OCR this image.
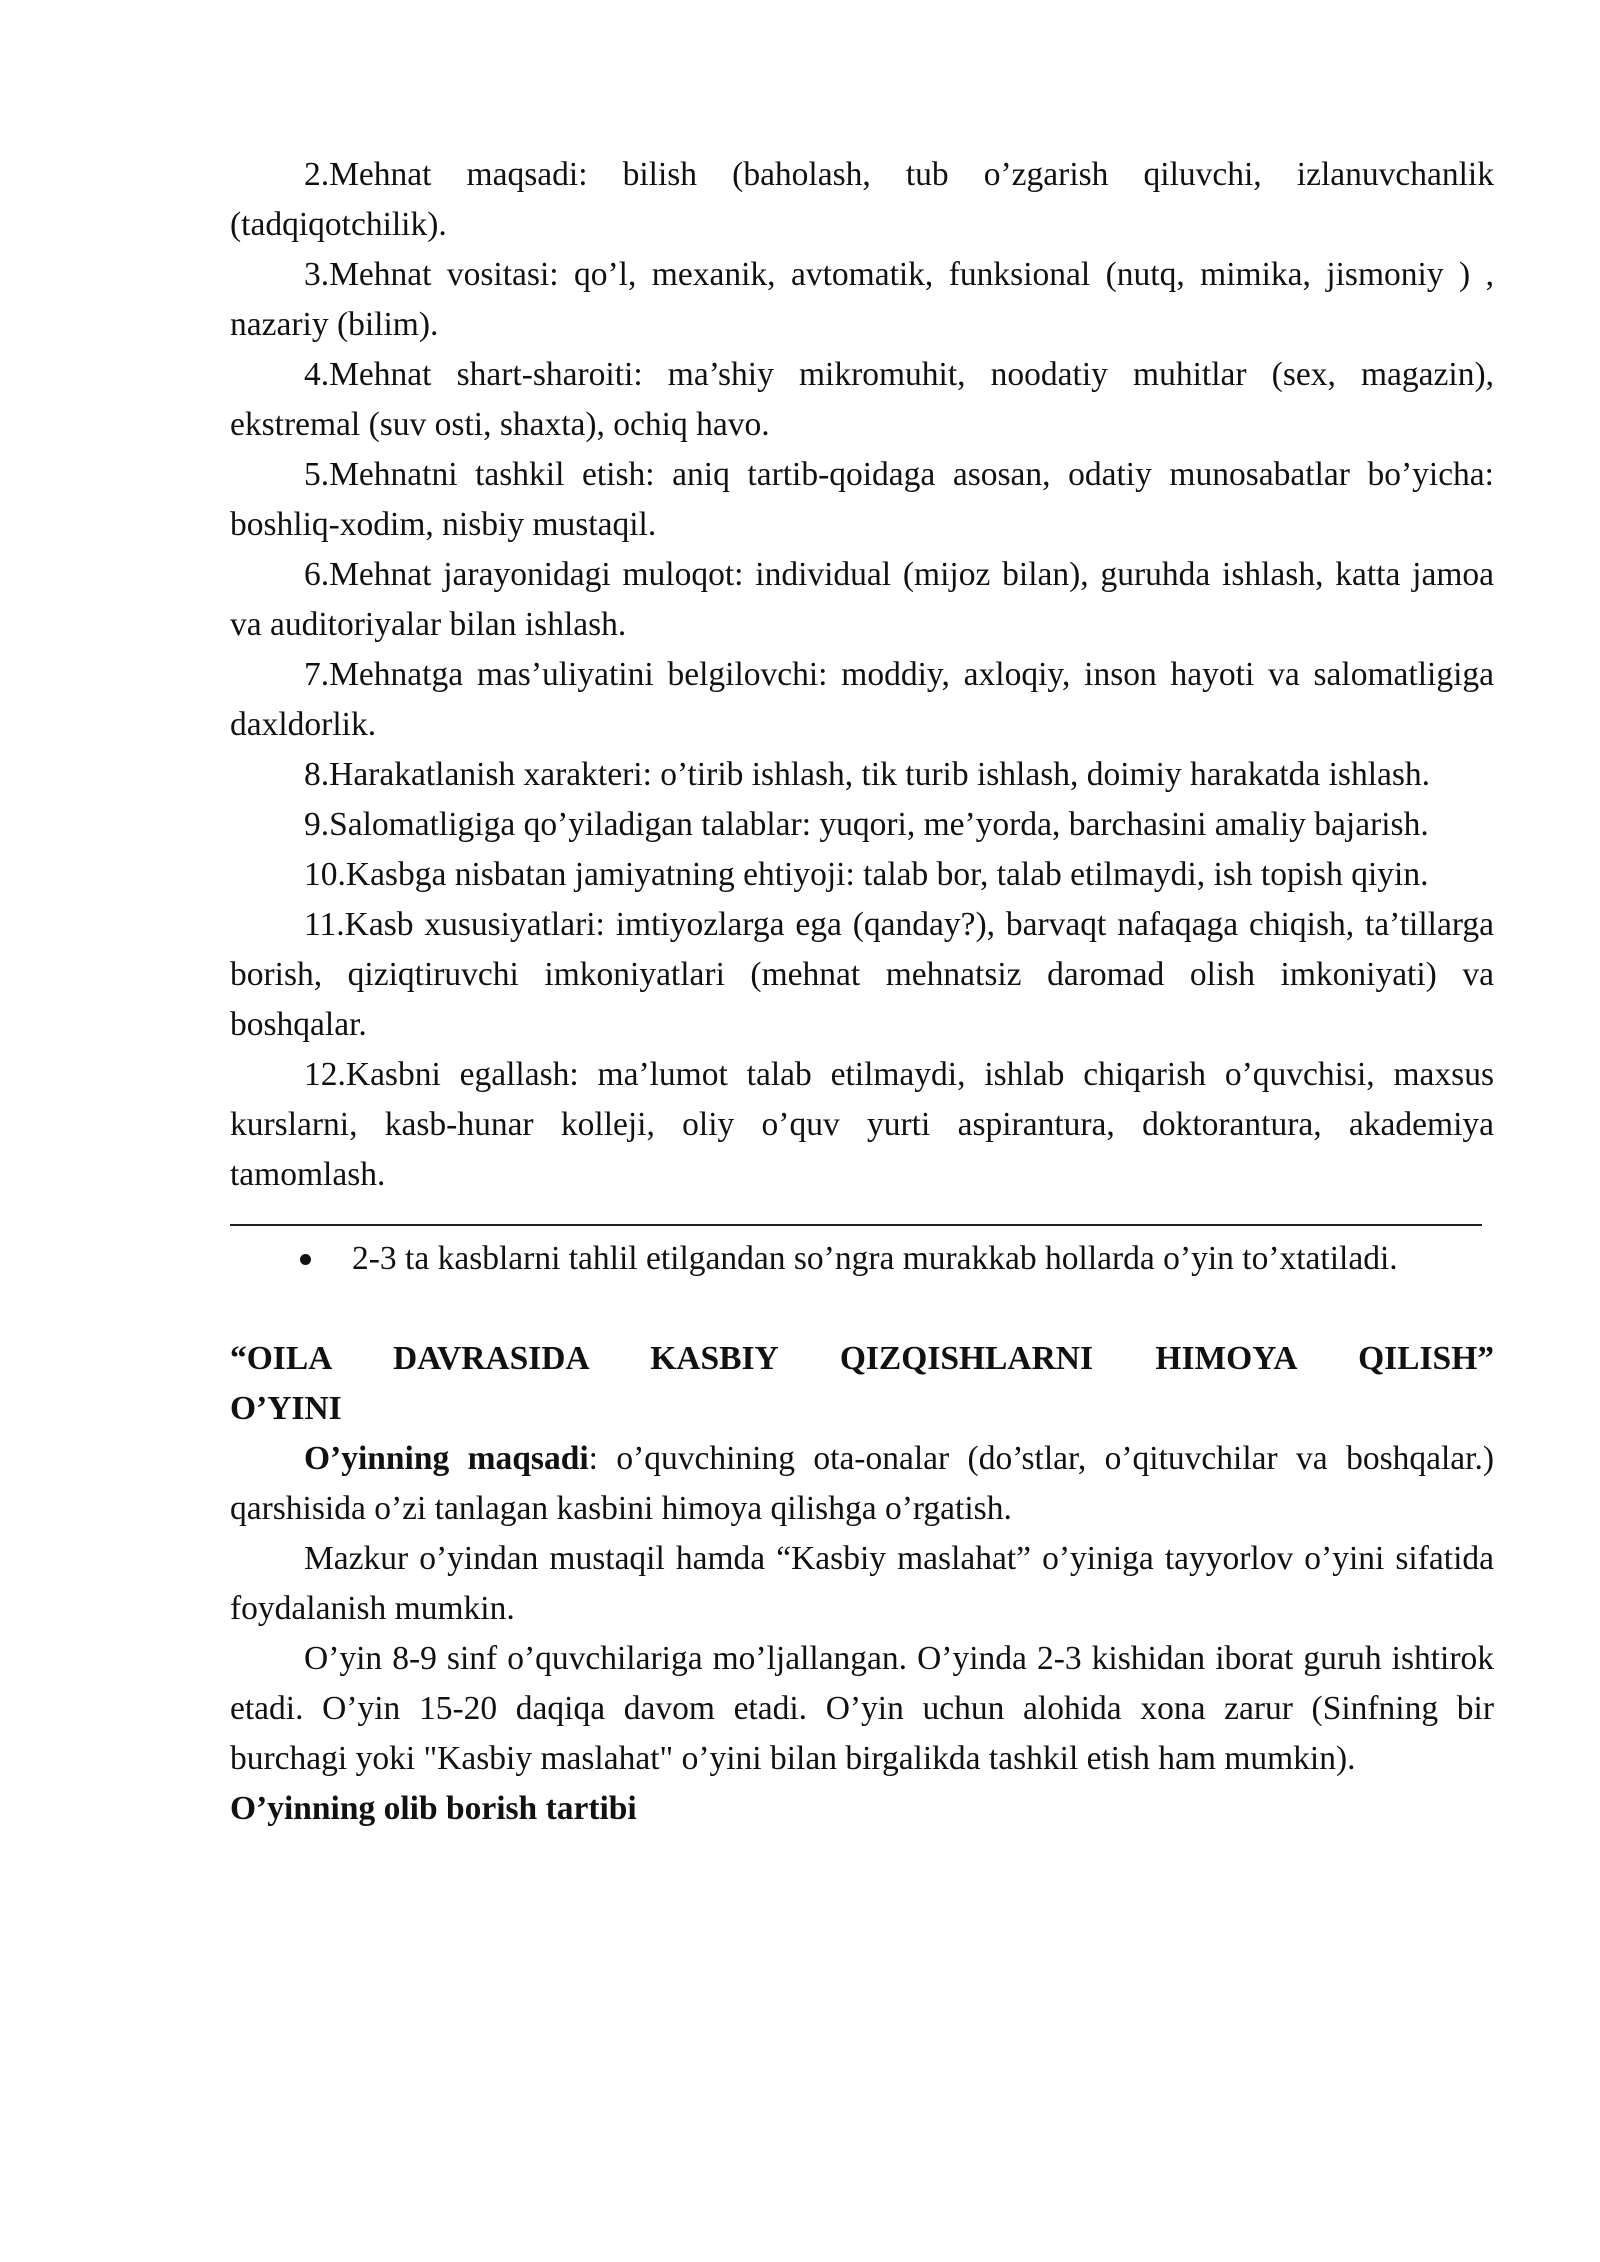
2.Mehnat maqsadi: bilish (baholash, tub o’zgarish qiluvchi, izlanuvchanlik (tadqiqotchilik).

3.Mehnat vositasi: qo’l, mexanik, avtomatik, funksional (nutq, mimika, jismoniy ) , nazariy (bilim).

4.Mehnat shart-sharoiti: ma’shiy mikromuhit, noodatiy muhitlar (sex, magazin), ekstremal (suv osti, shaxta), ochiq havo.

5.Mehnatni tashkil etish: aniq tartib-qoidaga asosan, odatiy munosabatlar bo’yicha: boshliq-xodim, nisbiy mustaqil.

6.Mehnat jarayonidagi muloqot: individual (mijoz bilan), guruhda ishlash, katta jamoa va auditoriyalar bilan ishlash.

7.Mehnatga mas’uliyatini belgilovchi: moddiy, axloqiy, inson hayoti va salomatligiga daxldorlik.

8.Harakatlanish xarakteri: o’tirib ishlash, tik turib ishlash, doimiy harakatda ishlash.

9.Salomatligiga qo’yiladigan talablar: yuqori, me’yorda, barchasini amaliy bajarish.

10.Kasbga nisbatan jamiyatning ehtiyoji: talab bor, talab etilmaydi, ish topish qiyin.

11.Kasb xususiyatlari: imtiyozlarga ega (qanday?), barvaqt nafaqaga chiqish, ta’tillarga borish, qiziqtiruvchi imkoniyatlari (mehnat mehnatsiz daromad olish imkoniyati) va boshqalar.

12.Kasbni egallash: ma’lumot talab etilmaydi, ishlab chiqarish o’quvchisi, maxsus kurslarni, kasb-hunar kolleji, oliy o’quv yurti aspirantura, doktorantura, akademiya tamomlash.

2-3 ta kasblarni tahlil etilgandan so’ngra murakkab hollarda o’yin to’xtatiladi.

“OILA DAVRASIDA KASBIY QIZQISHLARNI HIMOYA QILISH”

O’YINI

O’yinning maqsadi: o’quvchining ota-onalar (do’stlar, o’qituvchilar va boshqalar.) qarshisida o’zi tanlagan kasbini himoya qilishga o’rgatish.

Mazkur o’yindan mustaqil hamda “Kasbiy maslahat” o’yiniga tayyorlov o’yini sifatida foydalanish mumkin.

O’yin 8-9 sinf o’quvchilariga mo’ljallangan. O’yinda 2-3 kishidan iborat guruh ishtirok etadi. O’yin 15-20 daqiqa davom etadi. O’yin uchun alohida xona zarur (Sinfning bir burchagi yoki "Kasbiy maslahat" o’yini bilan birgalikda tashkil etish ham mumkin).

O’yinning olib borish tartibi
